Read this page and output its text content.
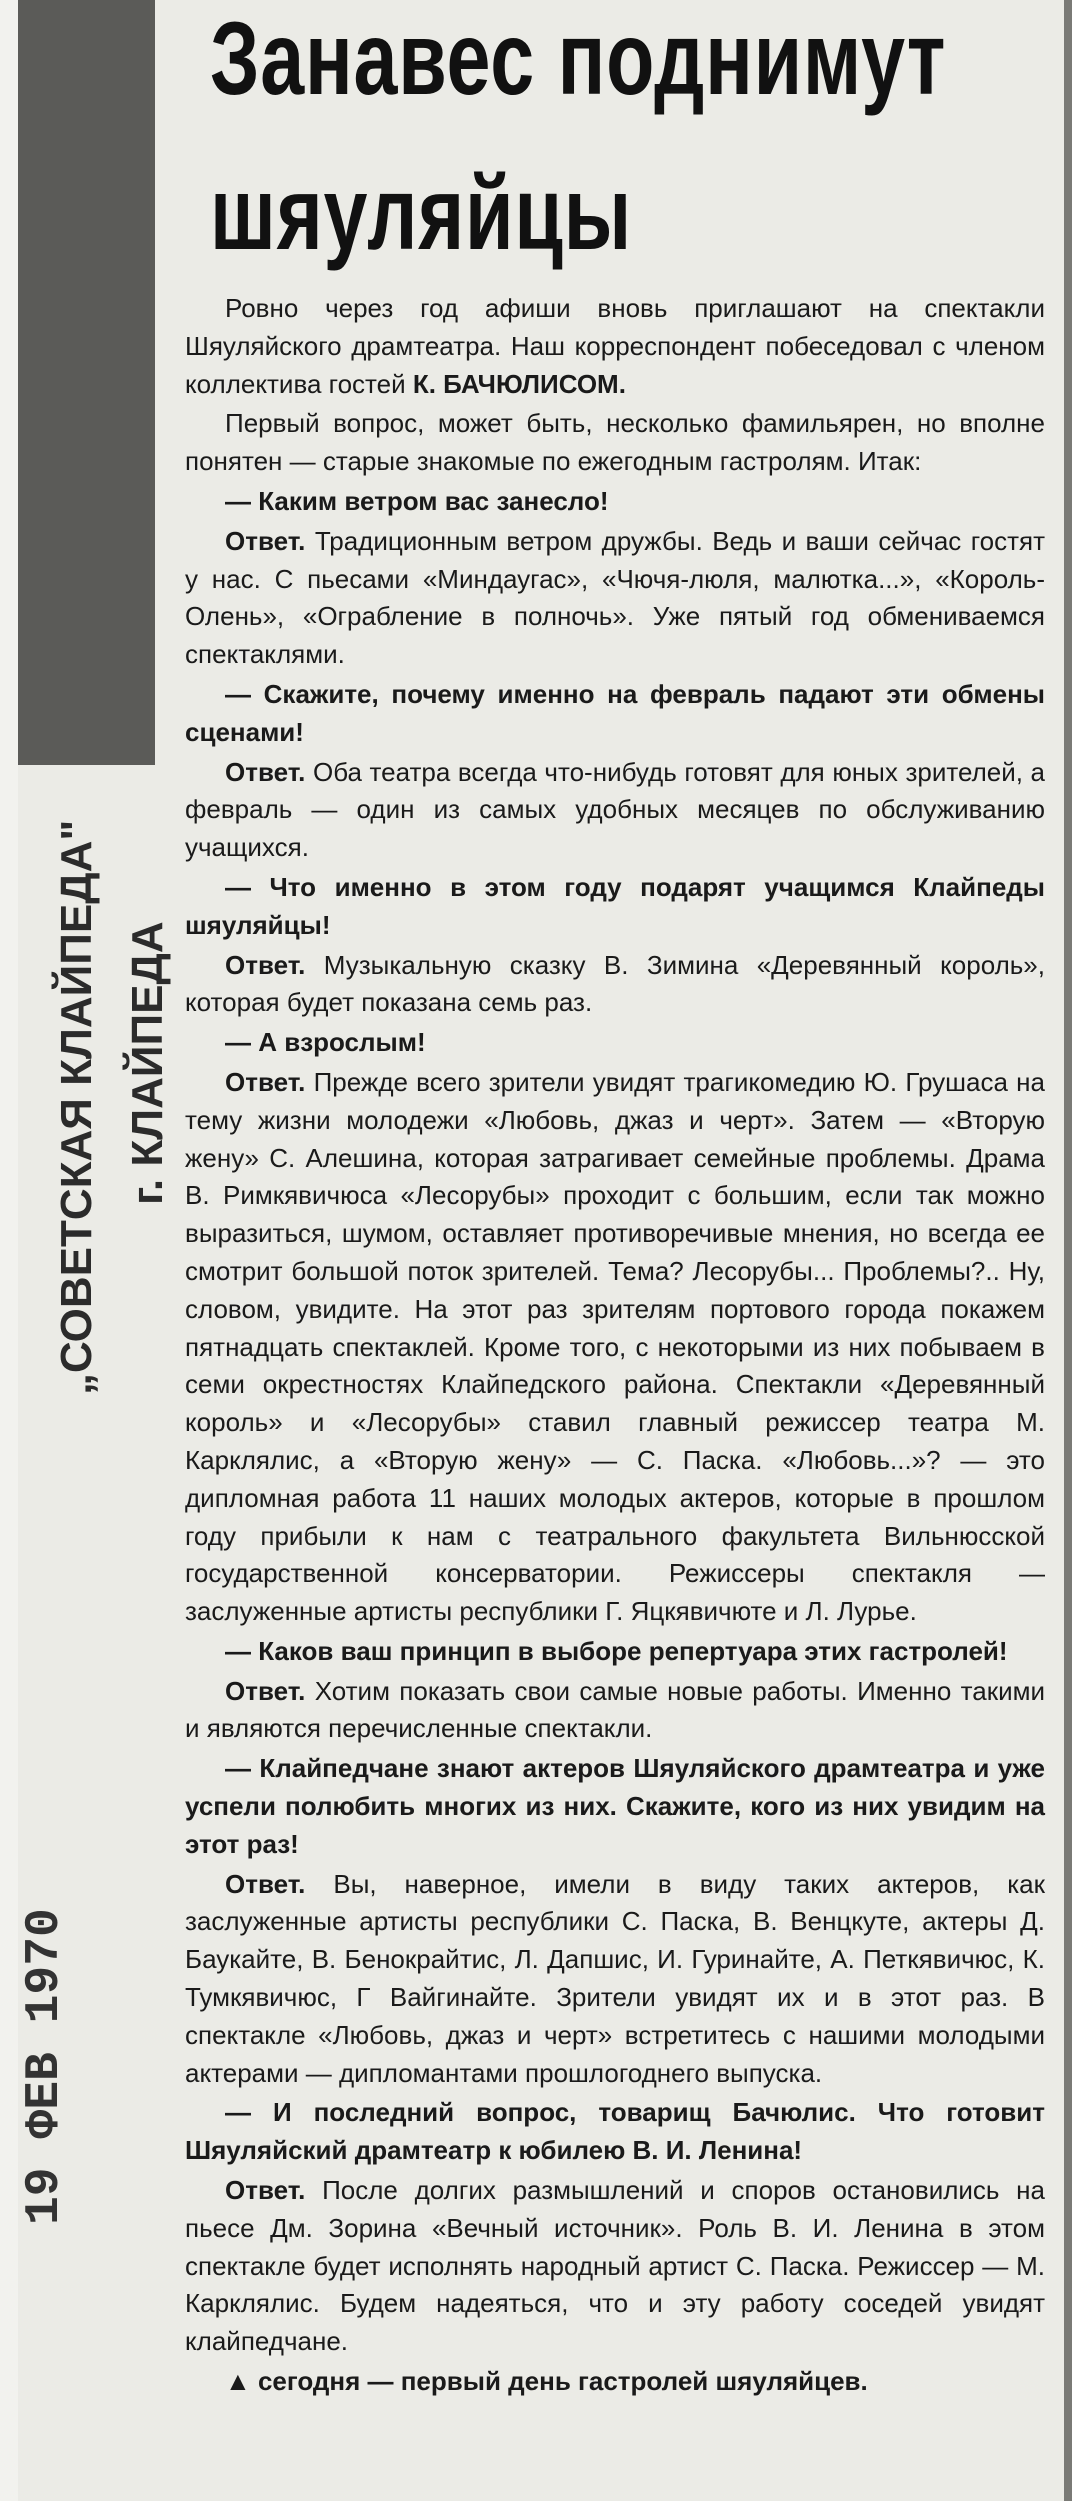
Занавес поднимут
шяуляйцы
„СОВЕТСКАЯ КЛАЙПЕДА" г. КЛАЙПЕДА
19 ФЕВ 1970

Ровно через год афиши вновь приглашают на спектакли Шяуляйского драмтеатра. Наш корреспондент побеседовал с членом коллектива гостей К. БАЧЮЛИСОМ.

Первый вопрос, может быть, несколько фамильярен, но вполне понятен — старые знакомые по ежегодным гастролям. Итак:

— Каким ветром вас занесло!

Ответ. Традиционным ветром дружбы. Ведь и ваши сейчас гостят у нас. С пьесами «Миндаугас», «Чючя-люля, малютка...», «Король-Олень», «Ограбление в полночь». Уже пятый год обмениваемся спектаклями.

— Скажите, почему именно на февраль падают эти обмены сценами!

Ответ. Оба театра всегда что-нибудь готовят для юных зрителей, а февраль — один из самых удобных месяцев по обслуживанию учащихся.

— Что именно в этом году подарят учащимся Клайпеды шяуляйцы!

Ответ. Музыкальную сказку В. Зимина «Деревянный король», которая будет показана семь раз.

— А взрослым!

Ответ. Прежде всего зрители увидят трагикомедию Ю. Грушаса на тему жизни молодежи «Любовь, джаз и черт». Затем — «Вторую жену» С. Алешина, которая затрагивает семейные проблемы. Драма В. Римкявичюса «Лесорубы» проходит с большим, если так можно выразиться, шумом, оставляет противоречивые мнения, но всегда ее смотрит большой поток зрителей. Тема? Лесорубы... Проблемы?.. Ну, словом, увидите. На этот раз зрителям портового города покажем пятнадцать спектаклей. Кроме того, с некоторыми из них побываем в семи окрестностях Клайпедского района. Спектакли «Деревянный король» и «Лесорубы» ставил главный режиссер театра М. Карклялис, а «Вторую жену» — С. Паска. «Любовь...»? — это дипломная работа 11 наших молодых актеров, которые в прошлом году прибыли к нам с театрального факультета Вильнюсской государственной консерватории. Режиссеры спектакля — заслуженные артисты республики Г. Яцкявичюте и Л. Лурье.

— Каков ваш принцип в выборе репертуара этих гастролей!

Ответ. Хотим показать свои самые новые работы. Именно такими и являются перечисленные спектакли.

— Клайпедчане знают актеров Шяуляйского драмтеатра и уже успели полюбить многих из них. Скажите, кого из них увидим на этот раз!

Ответ. Вы, наверное, имели в виду таких актеров, как заслуженные артисты республики С. Паска, В. Венцкуте, актеры Д. Баукайте, В. Бенокрайтис, Л. Дапшис, И. Гуринайте, А. Петкявичюс, К. Тумкявичюс, Г Вайгинайте. Зрители увидят их и в этот раз. В спектакле «Любовь, джаз и черт» встретитесь с нашими молодыми актерами — дипломантами прошлогоднего выпуска.

— И последний вопрос, товарищ Бачюлис. Что готовит Шяуляйский драмтеатр к юбилею В. И. Ленина!

Ответ. После долгих размышлений и споров остановились на пьесе Дм. Зорина «Вечный источник». Роль В. И. Ленина в этом спектакле будет исполнять народный артист С. Паска. Режиссер — М. Карклялис. Будем надеяться, что и эту работу соседей увидят клайпедчане.

▲ сегодня — первый день гастролей шяуляйцев.
